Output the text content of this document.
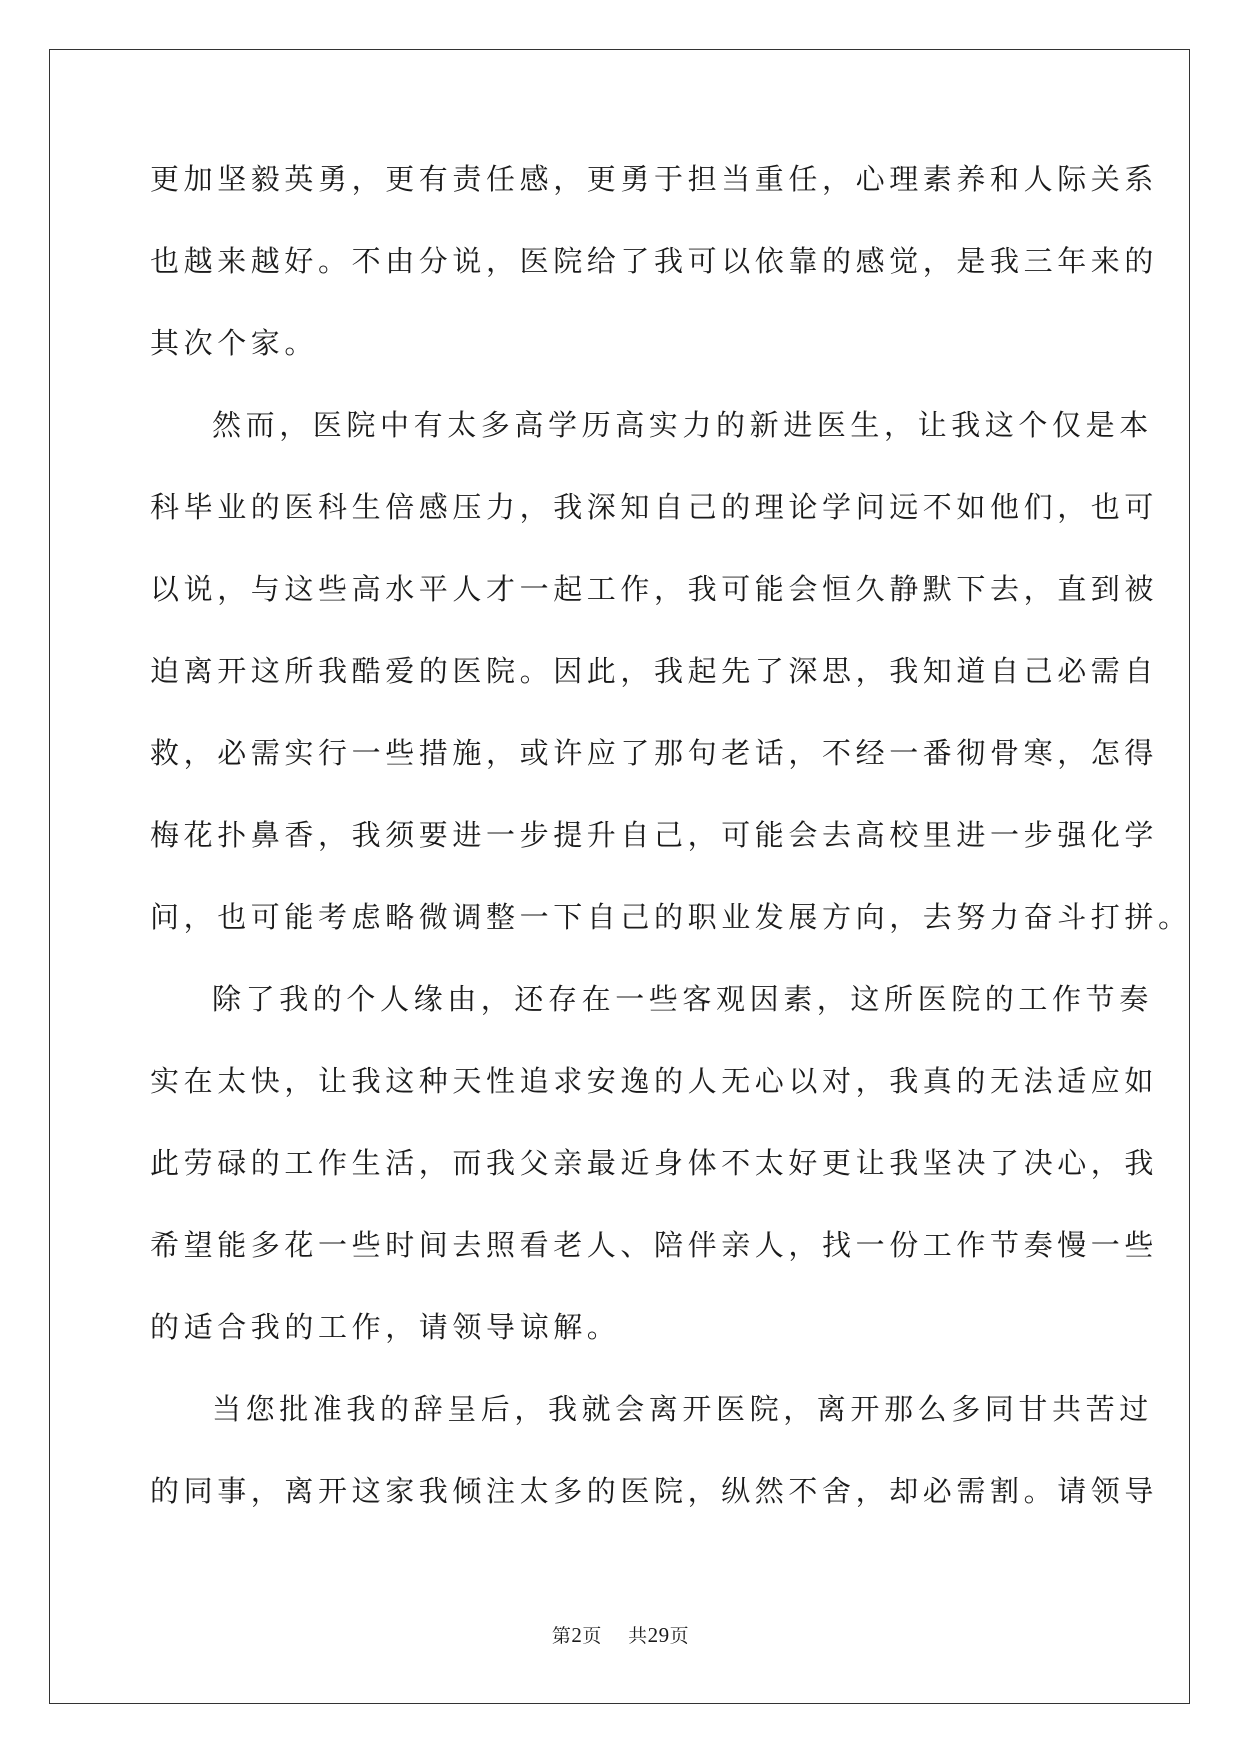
更加坚毅英勇，更有责任感，更勇于担当重任，心理素养和人际关系
也越来越好。不由分说，医院给了我可以依靠的感觉，是我三年来的
其次个家。
然而，医院中有太多高学历高实力的新进医生，让我这个仅是本
科毕业的医科生倍感压力，我深知自己的理论学问远不如他们，也可
以说，与这些高水平人才一起工作，我可能会恒久静默下去，直到被
迫离开这所我酷爱的医院。因此，我起先了深思，我知道自己必需自
救，必需实行一些措施，或许应了那句老话，不经一番彻骨寒，怎得
梅花扑鼻香，我须要进一步提升自己，可能会去高校里进一步强化学
问，也可能考虑略微调整一下自己的职业发展方向，去努力奋斗打拼。
除了我的个人缘由，还存在一些客观因素，这所医院的工作节奏
实在太快，让我这种天性追求安逸的人无心以对，我真的无法适应如
此劳碌的工作生活，而我父亲最近身体不太好更让我坚决了决心，我
希望能多花一些时间去照看老人、陪伴亲人，找一份工作节奏慢一些
的适合我的工作，请领导谅解。
当您批准我的辞呈后，我就会离开医院，离开那么多同甘共苦过
的同事，离开这家我倾注太多的医院，纵然不舍，却必需割。请领导
第2页 共29页
